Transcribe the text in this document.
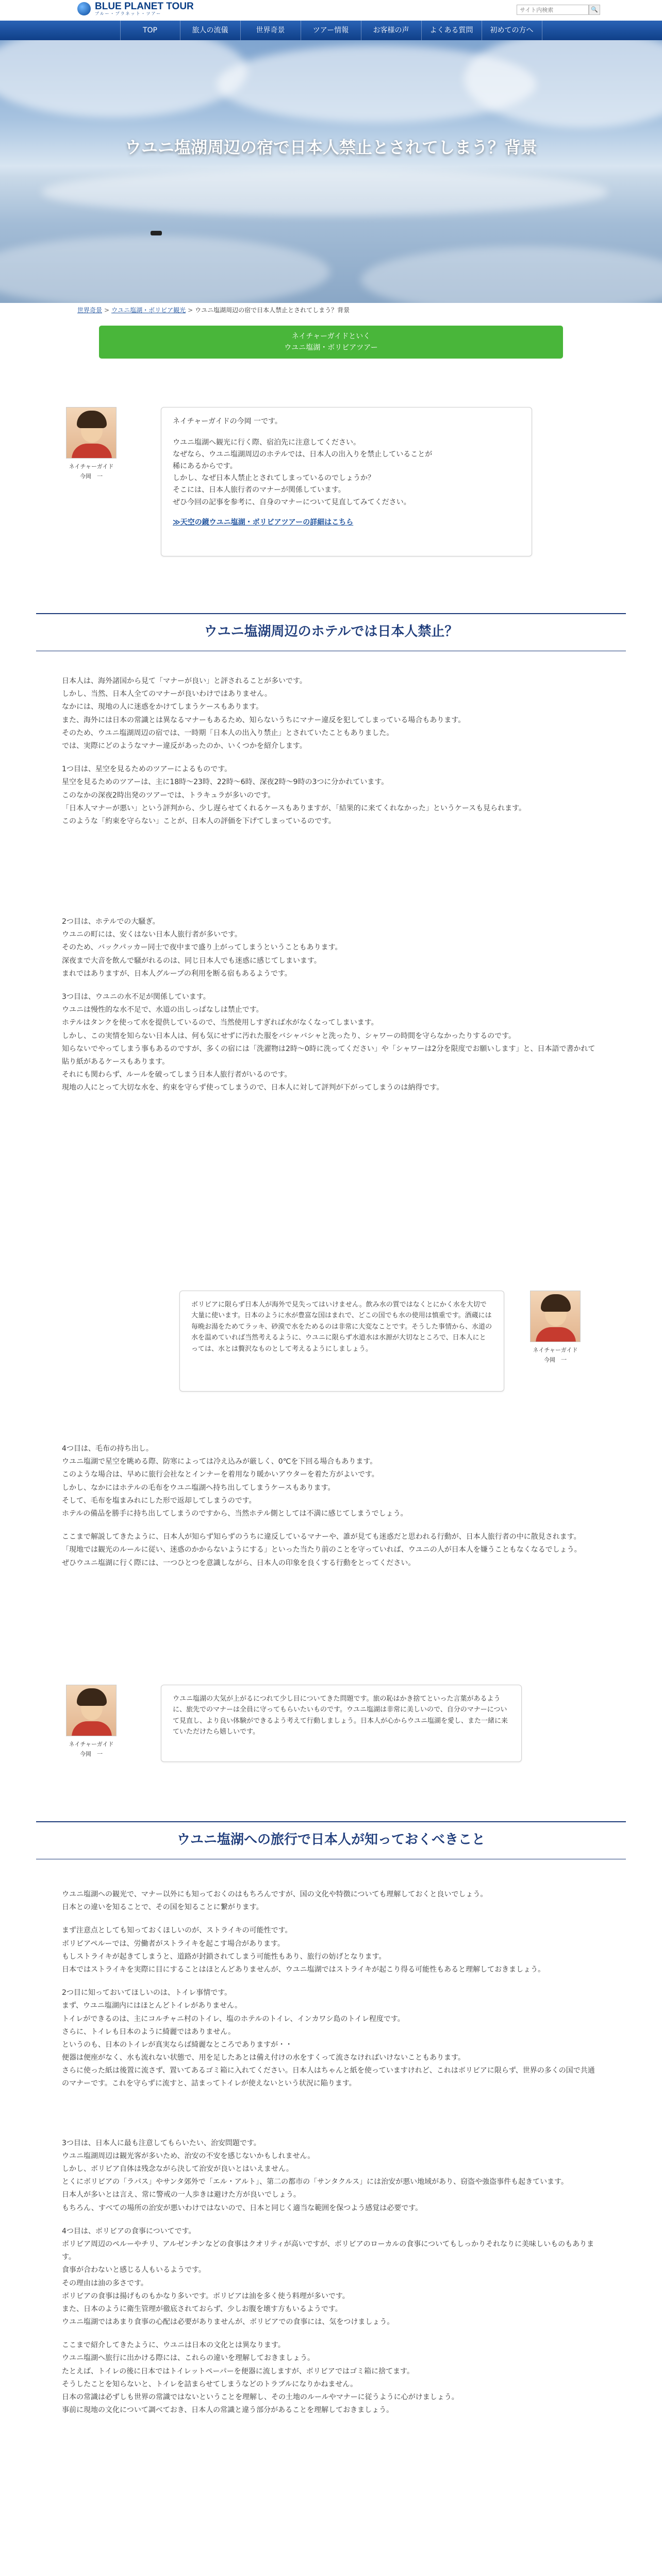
BLUE PLANET TOUR
ブルー・プラネット・ツアー
サイト内検索
🔍
TOP	旅人の流儀	世界奇景	ツアー情報	お客様の声	よくある質問	初めての方へ
ウユニ塩湖周辺の宿で日本人禁止とされてしまう？背景
世界奇景 > ウユニ塩湖・ボリビア観光 > ウユニ塩湖周辺の宿で日本人禁止とされてしまう？背景
ネイチャーガイドといく
ウユニ塩湖・ボリビアツアー
ネイチャーガイド
今岡　一

ネイチャーガイドの今岡 一です。

ウユニ塩湖へ観光に行く際、宿泊先に注意してください。

なぜなら、ウユニ塩湖周辺のホテルでは、日本人の出入りを禁止していることが

稀にあるからです。

しかし、なぜ日本人禁止とされてしまっているのでしょうか？

そこには、日本人旅行者のマナーが関係しています。

ぜひ今回の記事を参考に、自身のマナーについて見直してみてください。

≫天空の鏡ウユニ塩湖・ボリビアツアーの詳細はこちら

ウユニ塩湖周辺のホテルでは日本人禁止？
日本人は、海外諸国から見て「マナーが良い」と評されることが多いです。
しかし、当然、日本人全てのマナーが良いわけではありません。
なかには、現地の人に迷惑をかけてしまうケースもあります。
また、海外には日本の常識とは異なるマナーもあるため、知らないうちにマナー違反を犯してしまっている場合もあります。
そのため、ウユニ塩湖周辺の宿では、一時期「日本人の出入り禁止」とされていたこともありました。
では、実際にどのようなマナー違反があったのか、いくつかを紹介します。
1つ目は、星空を見るためのツアーによるものです。
星空を見るためのツアーは、主に18時〜23時、22時〜6時、深夜2時〜9時の3つに分かれています。
このなかの深夜2時出発のツアーでは、トラキュラが多いのです。
「日本人マナーが悪い」という評判から、少し遅らせてくれるケースもありますが、「結果的に来てくれなかった」というケースも見られます。
このような「約束を守らない」ことが、日本人の評価を下げてしまっているのです。
2つ目は、ホテルでの大騒ぎ。
ウユニの町には、安くはない日本人旅行者が多いです。
そのため、バックパッカー同士で夜中まで盛り上がってしまうということもあります。
深夜まで大音を飲んで騒がれるのは、同じ日本人でも迷惑に感じてしまいます。
まれではありますが、日本人グループの利用を断る宿もあるようです。
3つ目は、ウユニの水不足が関係しています。
ウユニは慢性的な水不足で、水道の出しっぱなしは禁止です。
ホテルはタンクを使って水を提供しているので、当然使用しすぎれば水がなくなってしまいます。
しかし、この実情を知らない日本人は、何も気にせずに汚れた服をバシャバシャと洗ったり、シャワーの時間を守らなかったりするのです。
知らないでやってしまう事もあるのですが、多くの宿には「洗濯物は2時〜0時に洗ってください」や「シャワーは2分を限度でお願いします」と、日本語で書かれて貼り紙があるケースもあります。
それにも関わらず、ルールを破ってしまう日本人旅行者がいるのです。
現地の人にとって大切な水を、約束を守らず使ってしまうので、日本人に対して評判が下がってしまうのは納得です。

ボリビアに限らず日本人が海外で見失ってはいけません。飲み水の質ではなくとにかく水を大切で大量に使います。日本のように水が豊富な国はまれで、どこの国でも水の使用は慎重です。酒蔵には毎晩お湯をためてラッキ、砂漠で水をためるのは非常に大変なことです。そうした事情から、水道の水を温めていれば当然考えるように、ウユニに限らず水道水は水源が大切なところで、日本人にとっては、水とは贅沢なものとして考えるようにしましょう。	ネイチャーガイド
今岡　一
4つ目は、毛布の持ち出し。
ウユニ塩湖で星空を眺める際、防寒によっては冷え込みが厳しく、0℃を下回る場合もあります。
このような場合は、早めに旅行会社なとインナーを着用なり暖かいアウターを着た方がよいです。
しかし、なかにはホテルの毛布をウユニ塩湖へ持ち出してしまうケースもあります。
そして、毛布を塩まみれにした形で返却してしまうのです。
ホテルの備品を勝手に持ち出してしまうのですから、当然ホテル側としては不満に感じてしまうでしょう。
ここまで解説してきたように、日本人が知らず知らずのうちに違反しているマナーや、誰が見ても迷惑だと思われる行動が、日本人旅行者の中に散見されます。
「現地では観光のルールに従い、迷惑のかからないようにする」といった当たり前のことを守っていれば、ウユニの人が日本人を嫌うこともなくなるでしょう。
ぜひウユニ塩湖に行く際には、一つひとつを意識しながら、日本人の印象を良くする行動をとってください。
ネイチャーガイド
今岡　一

ウユニ塩湖の大気が上がるにつれて少し目についてきた問題です。旅の恥はかき捨てといった言葉があるように、旅先でのマナーは全員に守ってもらいたいものです。ウユニ塩湖は非常に美しいので、自分のマナーについて見直し、より良い体験ができるよう考えて行動しましょう。日本人が心からウユニ塩湖を愛し、また一緒に来ていただけたら嬉しいです。

ウユニ塩湖への旅行で日本人が知っておくべきこと
ウユニ塩湖への観光で、マナー以外にも知っておくのはもちろんですが、国の文化や特徴についても理解しておくと良いでしょう。
日本との違いを知ることで、その国を知ることに繋がります。
まず注意点としても知っておくほしいのが、ストライキの可能性です。
ボリビアペルーでは、労働者がストライキを起こす場合があります。
もしストライキが起きてしまうと、道路が封鎖されてしまう可能性もあり、旅行の妨げとなります。
日本ではストライキを実際に目にすることはほとんどありませんが、ウユニ塩湖ではストライキが起こり得る可能性もあると理解しておきましょう。
2つ目に知っておいてほしいのは、トイレ事情です。
まず、ウユニ塩湖内にはほとんどトイレがありません。
トイレができるのは、主にコルチャニ村のトイレ、塩のホテルのトイレ、インカワシ島のトイレ程度です。
さらに、トイレも日本のように綺麗ではありません。
というのも、日本のトイレが真実ならば綺麗なところでありますが・・
便器は便座がなく、水も流れない状態で、用を足したあとは備え付けの水をすくって流さなければいけないこともあります。
さらに使った紙は後置に流さず、置いてあるゴミ箱に入れてください。日本人はちゃんと紙を使っていますけれど、これはボリビアに限らず、世界の多くの国で共通のマナーです。これを守らずに流すと、詰まってトイレが使えないという状況に陥ります。
3つ目は、日本人に最も注意してもらいたい、治安問題です。
ウユニ塩湖周辺は観光客が多いため、治安の不安を感じないかもしれません。
しかし、ボリビア自体は残念ながら決して治安が良いとはいえません。
とくにボリビアの「ラパス」やサンタ郊外で「エル・アルト」、第二の都市の「サンタクルス」には治安が悪い地域があり、窃盗や強盗事件も起きています。
日本人が多いとは言え、常に警戒の一人歩きは避けた方が良いでしょう。
もちろん、すべての場所の治安が悪いわけではないので、日本と同じく適当な範囲を保つよう感覚は必要です。
4つ目は、ボリビアの食事についてです。
ボリビア周辺のペルーやチリ、アルゼンチンなどの食事はクオリティが高いですが、ボリビアのローカルの食事についてもしっかりそれなりに美味しいものもあります。
食事が合わないと感じる人もいるようです。
その理由は油の多さです。
ボリビアの食事は揚げものもかなり多いです。ボリビアは油を多く使う料理が多いです。
また、日本のように衛生管理が徹底されておらず、少しお腹を壊す方もいるようです。
ウユニ塩湖ではあまり食事の心配は必要がありませんが、ボリビアでの食事には、気をつけましょう。
ここまで紹介してきたように、ウユニは日本の文化とは異なります。
ウユニ塩湖へ旅行に出かける際には、これらの違いを理解しておきましょう。
たとえば、トイレの後に日本ではトイレットペーパーを便器に流しますが、ボリビアではゴミ箱に捨てます。
そうしたことを知らないと、トイレを詰まらせてしまうなどのトラブルになりかねません。
日本の常識は必ずしも世界の常識ではないということを理解し、その土地のルールやマナーに従うように心がけましょう。
事前に現地の文化について調べておき、日本人の常識と違う部分があることを理解しておきましょう。
